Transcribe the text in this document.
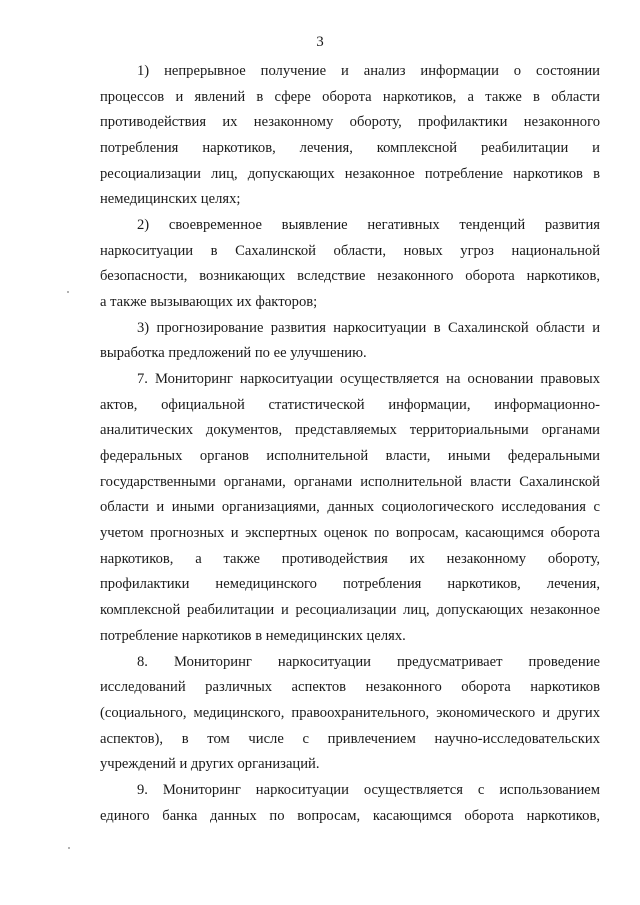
3
1) непрерывное получение и анализ информации о состоянии
процессов и явлений в сфере оборота наркотиков, а также в области
противодействия их незаконному обороту, профилактики незаконного
потребления наркотиков, лечения, комплексной реабилитации и
ресоциализации лиц, допускающих незаконное потребление наркотиков в
немедицинских целях;
2) своевременное выявление негативных тенденций развития
наркоситуации в Сахалинской области, новых угроз национальной
безопасности, возникающих вследствие незаконного оборота наркотиков,
а также вызывающих их факторов;
3) прогнозирование развития наркоситуации в Сахалинской области и
выработка предложений по ее улучшению.
7. Мониторинг наркоситуации осуществляется на основании правовых
актов, официальной статистической информации, информационно-
аналитических документов, представляемых территориальными органами
федеральных органов исполнительной власти, иными федеральными
государственными органами, органами исполнительной власти Сахалинской
области и иными организациями, данных социологического исследования с
учетом прогнозных и экспертных оценок по вопросам, касающимся оборота
наркотиков, а также противодействия их незаконному обороту,
профилактики немедицинского потребления наркотиков, лечения,
комплексной реабилитации и ресоциализации лиц, допускающих незаконное
потребление наркотиков в немедицинских целях.
8. Мониторинг наркоситуации предусматривает проведение
исследований различных аспектов незаконного оборота наркотиков
(социального, медицинского, правоохранительного, экономического и других
аспектов), в том числе с привлечением научно-исследовательских
учреждений и других организаций.
9. Мониторинг наркоситуации осуществляется с использованием
единого банка данных по вопросам, касающимся оборота наркотиков,
